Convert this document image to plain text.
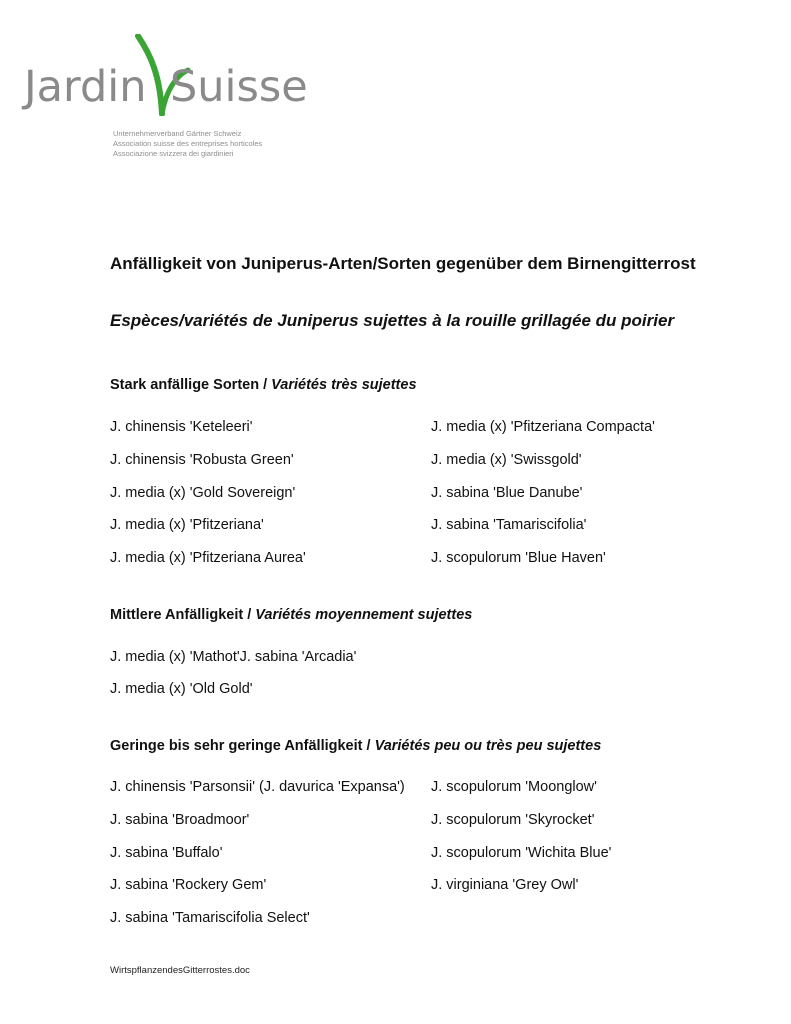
Jardin Suisse
Unternehmerverband Gärtner Schweiz
Association suisse des entreprises horticoles
Associazione svizzera dei giardinieri
Anfälligkeit von Juniperus-Arten/Sorten gegenüber dem Birnengitterrost
Espèces/variétés de Juniperus sujettes à la rouille grillagée du poirier
Stark anfällige Sorten / Variétés très sujettes
J. chinensis 'Keteleeri'
J. chinensis 'Robusta Green'
J. media (x) 'Gold Sovereign'
J. media (x) 'Pfitzeriana'
J. media (x) 'Pfitzeriana Aurea'
J. media (x) 'Pfitzeriana Compacta'
J. media (x) 'Swissgold'
J. sabina 'Blue Danube'
J. sabina 'Tamariscifolia'
J. scopulorum 'Blue Haven'
Mittlere Anfälligkeit / Variétés moyennement sujettes
J. media (x) 'Mathot'J. sabina 'Arcadia'
J. media (x) 'Old Gold'
Geringe bis sehr geringe Anfälligkeit / Variétés peu ou très peu sujettes
J. chinensis 'Parsonsii' (J. davurica 'Expansa')
J. sabina 'Broadmoor'
J. sabina 'Buffalo'
J. sabina 'Rockery Gem'
J. sabina 'Tamariscifolia Select'
J. scopulorum 'Moonglow'
J. scopulorum 'Skyrocket'
J. scopulorum 'Wichita Blue'
J. virginiana 'Grey Owl'
WirtspflanzendesGitterrostes.doc
